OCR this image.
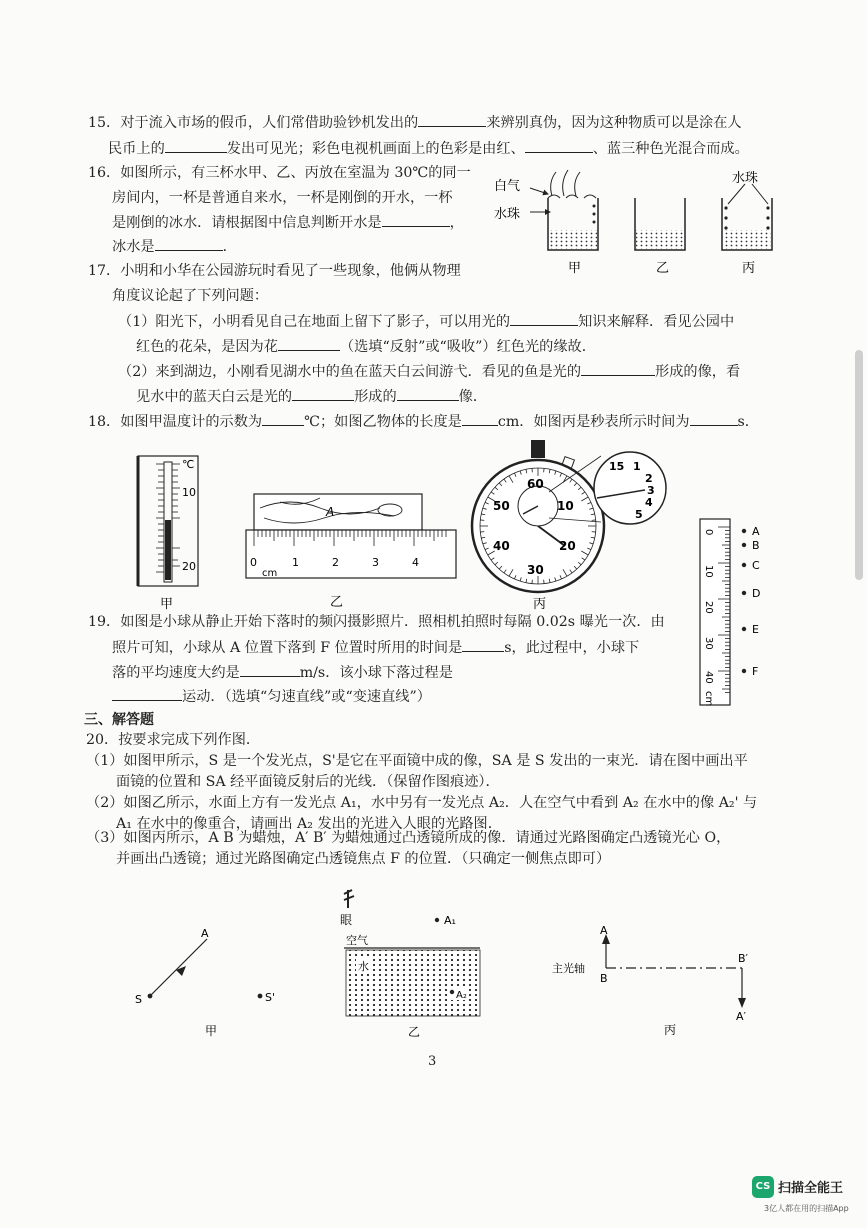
15．对于流入市场的假币，人们常借助验钞机发出的	来辨别真伪，因为这种物质可以是涂在人
民币上的	发出可见光；彩色电视机画面上的色彩是由红、	、蓝三种色光混合而成。
16．如图所示，有三杯水甲、乙、丙放在室温为 30℃的同一
房间内，一杯是普通自来水，一杯是刚倒的开水，一杯
是刚倒的冰水．请根据图中信息判断开水是	，
冰水是	．
白气
水珠
水珠
甲	乙	丙
17．小明和小华在公园游玩时看见了一些现象，他俩从物理
角度议论起了下列问题：
（1）阳光下，小明看见自己在地面上留下了影子，可以用光的	知识来解释．看见公园中
红色的花朵，是因为花	（选填“反射”或“吸收”）红色光的缘故．
（2）来到湖边，小刚看见湖水中的鱼在蓝天白云间游弋．看见的鱼是光的	形成的像，看
见水中的蓝天白云是光的	形成的	像．
18．如图甲温度计的示数为	℃；如图乙物体的长度是	cm．如图丙是秒表所示时间为	s．
℃
10
20
甲
A
0	1	2	3	4
cm
乙
60
10
20
30
40
50
15 1
2
3
4
5
丙
0
10
20
30
40
cm
A
B
C
D
E
F
19．如图是小球从静止开始下落时的频闪摄影照片．照相机拍照时每隔 0.02s 曝光一次．由
照片可知，小球从 A 位置下落到 F 位置时所用的时间是	s，此过程中，小球下
落的平均速度大约是	m/s．该小球下落过程是
运动．（选填“匀速直线”或“变速直线”）
三、解答题
20．按要求完成下列作图．
（1）如图甲所示，S 是一个发光点，S'是它在平面镜中成的像，SA 是 S 发出的一束光．请在图中画出平
面镜的位置和 SA 经平面镜反射后的光线．（保留作图痕迹）．
（2）如图乙所示，水面上方有一发光点 A₁，水中另有一发光点 A₂．人在空气中看到 A₂ 在水中的像 A₂' 与
A₁ 在水中的像重合，请画出 A₂ 发出的光进入人眼的光路图．
（3）如图丙所示，A B 为蜡烛，A′ B′ 为蜡烛通过凸透镜所成的像．请通过光路图确定凸透镜光心 O，
并画出凸透镜；通过光路图确定凸透镜焦点 F 的位置．（只确定一侧焦点即可）
A
S	S'
甲
眼	A₁
空气
水
A₂
乙
A
B
主光轴
B′
A′
丙
3
CS 扫描全能王
3亿人都在用的扫描App
